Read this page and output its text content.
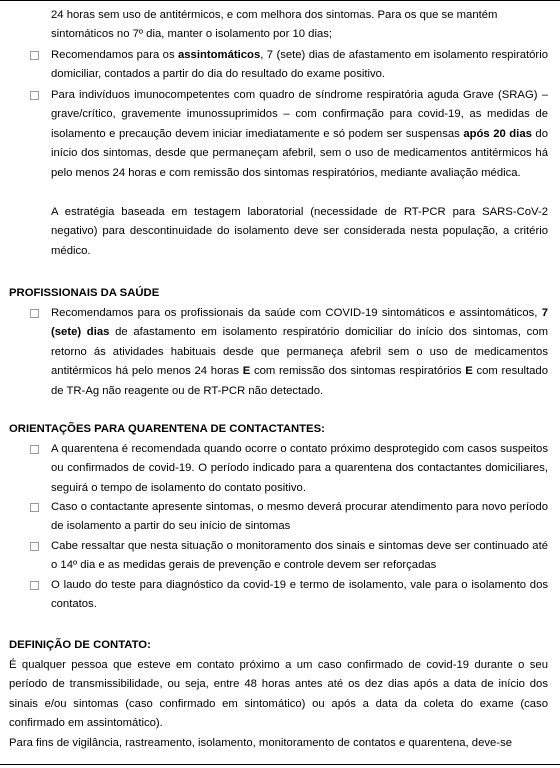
24 horas sem uso de antitérmicos, e com melhora dos sintomas. Para os que se mantém
sintomáticos no 7º dia, manter o isolamento por 10 dias;

Recomendamos para os assintomáticos, 7 (sete) dias de afastamento em isolamento respiratório domiciliar, contados a partir do dia do resultado do exame positivo.

Para indivíduos imunocompetentes com quadro de síndrome respiratória aguda Grave (SRAG) – grave/crítico, gravemente imunossuprimidos – com confirmação para covid-19, as medidas de isolamento e precaução devem iniciar imediatamente e só podem ser suspensas após 20 dias do início dos sintomas, desde que permaneçam afebril, sem o uso de medicamentos antitérmicos há pelo menos 24 horas e com remissão dos sintomas respiratórios, mediante avaliação médica.

A estratégia baseada em testagem laboratorial (necessidade de RT-PCR para SARS-CoV-2 negativo) para descontinuidade do isolamento deve ser considerada nesta população, a critério médico.

PROFISSIONAIS DA SAÚDE

Recomendamos para os profissionais da saúde com COVID-19 sintomáticos e assintomáticos, 7 (sete) dias de afastamento em isolamento respiratório domiciliar do início dos sintomas, com retorno ás atividades habituais desde que permaneça afebril sem o uso de medicamentos antitérmicos há pelo menos 24 horas E com remissão dos sintomas respiratórios E com resultado de TR-Ag não reagente ou de RT-PCR não detectado.

ORIENTAÇÕES PARA QUARENTENA DE CONTACTANTES:

A quarentena é recomendada quando ocorre o contato próximo desprotegido com casos suspeitos ou confirmados de covid-19. O período indicado para a quarentena dos contactantes domiciliares, seguirá o tempo de isolamento do contato positivo.

Caso o contactante apresente sintomas, o mesmo deverá procurar atendimento para novo período de isolamento a partir do seu início de sintomas

Cabe ressaltar que nesta situação o monitoramento dos sinais e sintomas deve ser continuado até o 14º dia e as medidas gerais de prevenção e controle devem ser reforçadas

O laudo do teste para diagnóstico da covid-19 e termo de isolamento, vale para o isolamento dos contatos.

DEFINIÇÃO DE CONTATO:

É qualquer pessoa que esteve em contato próximo a um caso confirmado de covid-19 durante o seu período de transmissibilidade, ou seja, entre 48 horas antes até os dez dias após a data de início dos sinais e/ou sintomas (caso confirmado em sintomático) ou após a data da coleta do exame (caso confirmado em assintomático).

Para fins de vigilância, rastreamento, isolamento, monitoramento de contatos e quarentena, deve-se
